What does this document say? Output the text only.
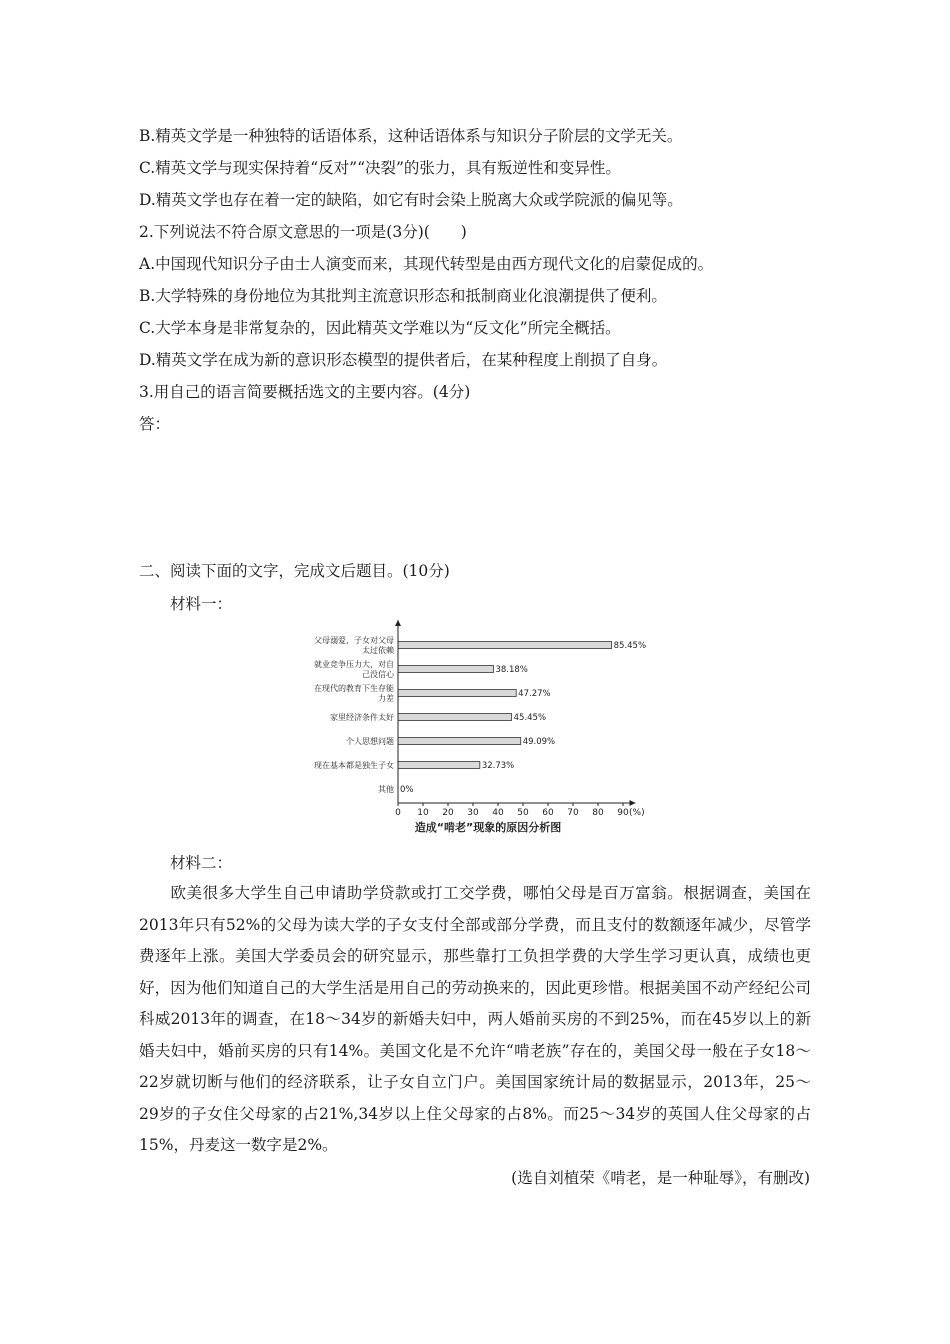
B.精英文学是一种独特的话语体系，这种话语体系与知识分子阶层的文学无关。
C.精英文学与现实保持着“反对”“决裂”的张力，具有叛逆性和变异性。
D.精英文学也存在着一定的缺陷，如它有时会染上脱离大众或学院派的偏见等。
2.下列说法不符合原文意思的一项是(3分)(　　)
A.中国现代知识分子由士人演变而来，其现代转型是由西方现代文化的启蒙促成的。
B.大学特殊的身份地位为其批判主流意识形态和抵制商业化浪潮提供了便利。
C.大学本身是非常复杂的，因此精英文学难以为“反文化”所完全概括。
D.精英文学在成为新的意识形态模型的提供者后，在某种程度上削损了自身。
3.用自己的语言简要概括选文的主要内容。(4分)
答：
二、阅读下面的文字，完成文后题目。(10分)
材料一：
父母溺爱，子女对父母
太过依赖
就业竞争压力大，对自
己没信心
在现代的教育下生存能
力差
家里经济条件太好
个人思想问题
现在基本都是独生子女
其他
85.45%
38.18%
47.27%
45.45%
49.09%
32.73%
0%
0 10 20 30 40 50 60 70 80 90 (%)
造成“啃老”现象的原因分析图
材料二：
欧美很多大学生自己申请助学贷款或打工交学费，哪怕父母是百万富翁。根据调查，美国在2013年只有52%的父母为读大学的子女支付全部或部分学费，而且支付的数额逐年减少，尽管学费逐年上涨。美国大学委员会的研究显示，那些靠打工负担学费的大学生学习更认真，成绩也更好，因为他们知道自己的大学生活是用自己的劳动换来的，因此更珍惜。根据美国不动产经纪公司科威2013年的调查，在18～34岁的新婚夫妇中，两人婚前买房的不到25%，而在45岁以上的新婚夫妇中，婚前买房的只有14%。美国文化是不允许“啃老族”存在的，美国父母一般在子女18～22岁就切断与他们的经济联系，让子女自立门户。美国国家统计局的数据显示，2013年，25～29岁的子女住父母家的占21%,34岁以上住父母家的占8%。而25～34岁的英国人住父母家的占15%，丹麦这一数字是2%。
(选自刘植荣《啃老，是一种耻辱》，有删改)
